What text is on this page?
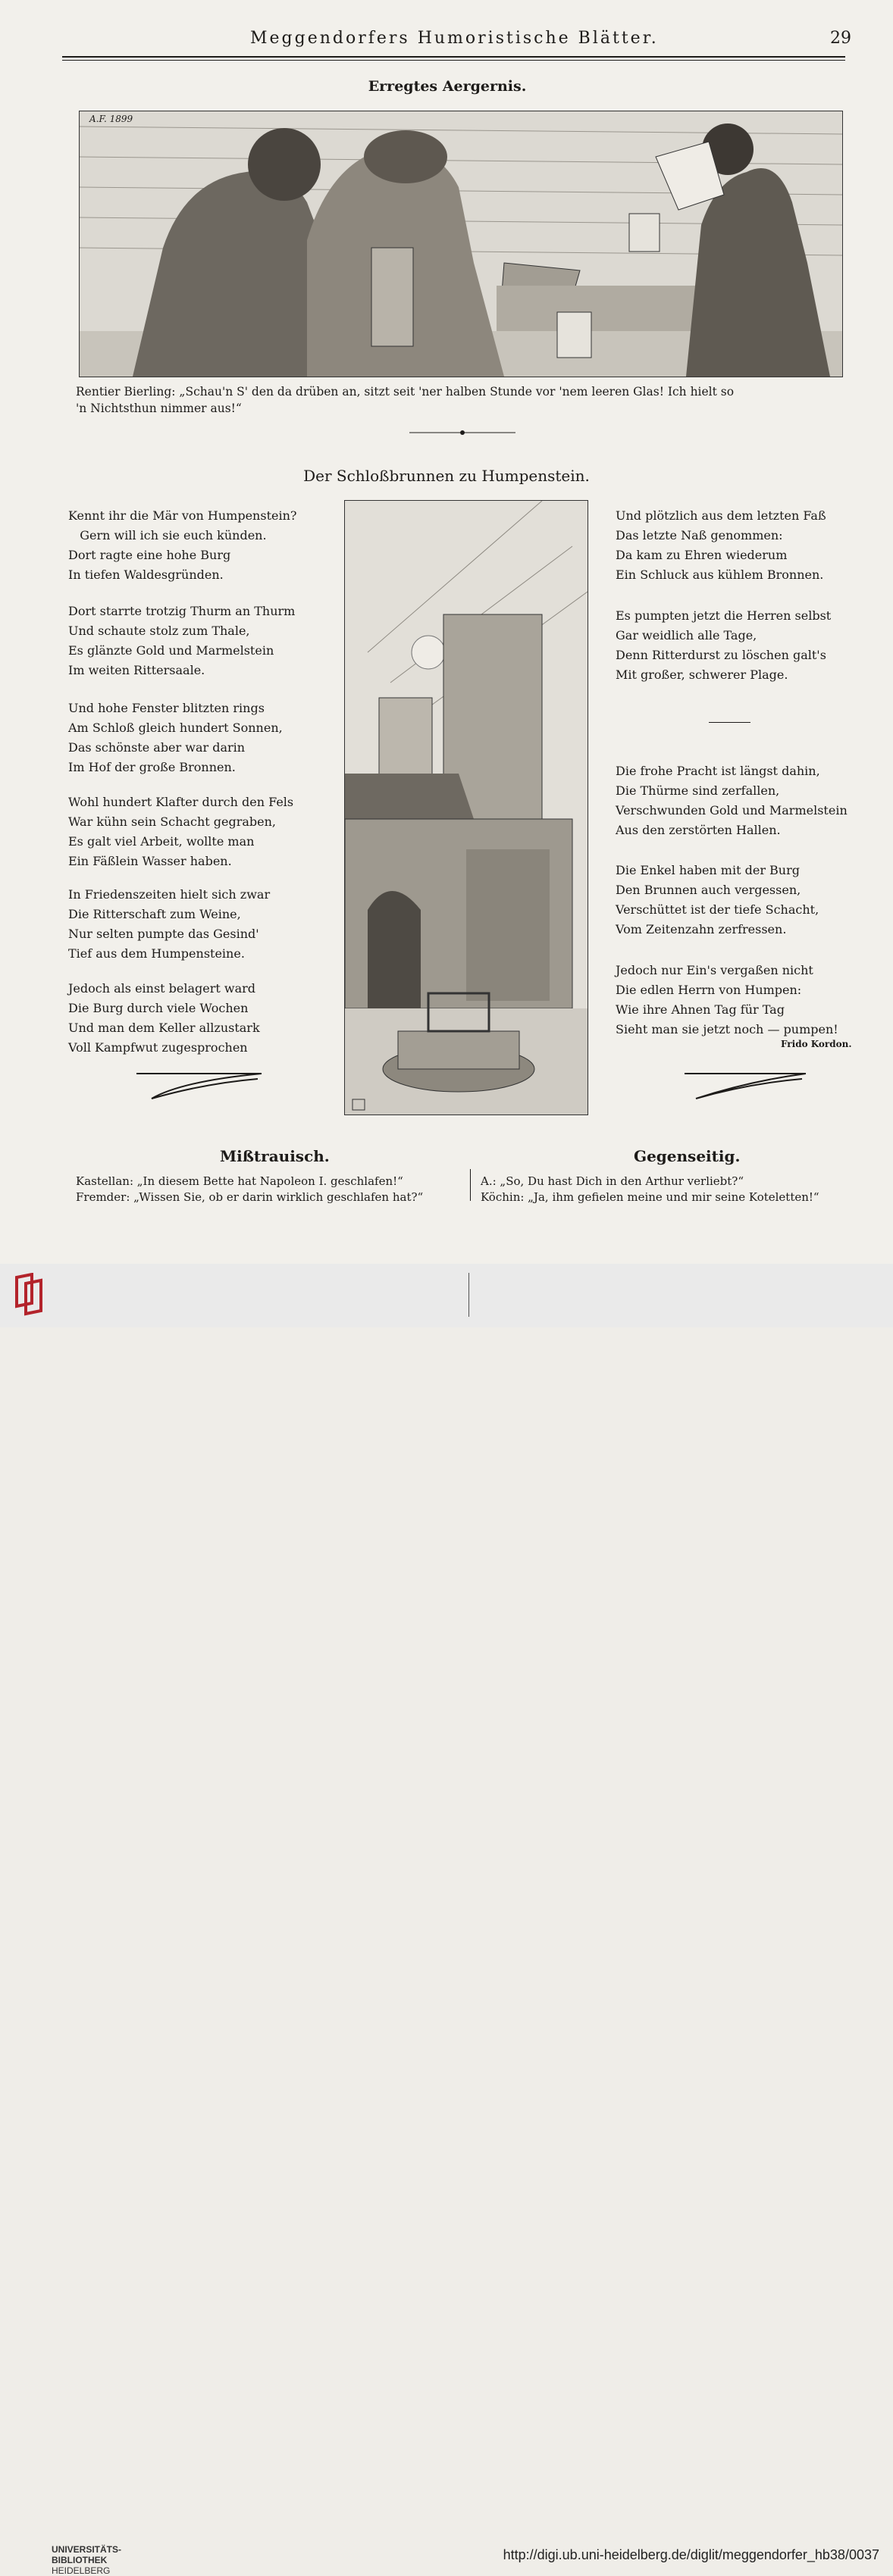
Meggendorfers Humoristische Blätter.	29
Erregtes Aergernis.
A.F. 1899
Rentier Bierling: „Schau'n S' den da drüben an, sitzt seit 'ner halben Stunde vor 'nem leeren Glas! Ich hielt so
'n Nichtsthun nimmer aus!“
Der Schloßbrunnen zu Humpenstein.
Kennt ihr die Mär von Humpenstein?
Gern will ich sie euch künden.
Dort ragte eine hohe Burg
In tiefen Waldesgründen.
Dort starrte trotzig Thurm an Thurm
Und schaute stolz zum Thale,
Es glänzte Gold und Marmelstein
Im weiten Rittersaale.
Und hohe Fenster blitzten rings
Am Schloß gleich hundert Sonnen,
Das schönste aber war darin
Im Hof der große Bronnen.
Wohl hundert Klafter durch den Fels
War kühn sein Schacht gegraben,
Es galt viel Arbeit, wollte man
Ein Fäßlein Wasser haben.
In Friedenszeiten hielt sich zwar
Die Ritterschaft zum Weine,
Nur selten pumpte das Gesind'
Tief aus dem Humpensteine.
Jedoch als einst belagert ward
Die Burg durch viele Wochen
Und man dem Keller allzustark
Voll Kampfwut zugesprochen
Und plötzlich aus dem letzten Faß
Das letzte Naß genommen:
Da kam zu Ehren wiederum
Ein Schluck aus kühlem Bronnen.
Es pumpten jetzt die Herren selbst
Gar weidlich alle Tage,
Denn Ritterdurst zu löschen galt's
Mit großer, schwerer Plage.
Die frohe Pracht ist längst dahin,
Die Thürme sind zerfallen,
Verschwunden Gold und Marmelstein
Aus den zerstörten Hallen.
Die Enkel haben mit der Burg
Den Brunnen auch vergessen,
Verschüttet ist der tiefe Schacht,
Vom Zeitenzahn zerfressen.
Jedoch nur Ein's vergaßen nicht
Die edlen Herrn von Humpen:
Wie ihre Ahnen Tag für Tag
Sieht man sie jetzt noch — pumpen!
Frido Kordon.
Mißtrauisch.
Kastellan: „In diesem Bette hat Napoleon I. geschlafen!“
Fremder: „Wissen Sie, ob er darin wirklich geschlafen hat?“
Gegenseitig.
A.: „So, Du hast Dich in den Arthur verliebt?“
Köchin: „Ja, ihm gefielen meine und mir seine Koteletten!“
UNIVERSITÄTS-
BIBLIOTHEK
HEIDELBERG
http://digi.ub.uni-heidelberg.de/diglit/meggendorfer_hb38/0037
